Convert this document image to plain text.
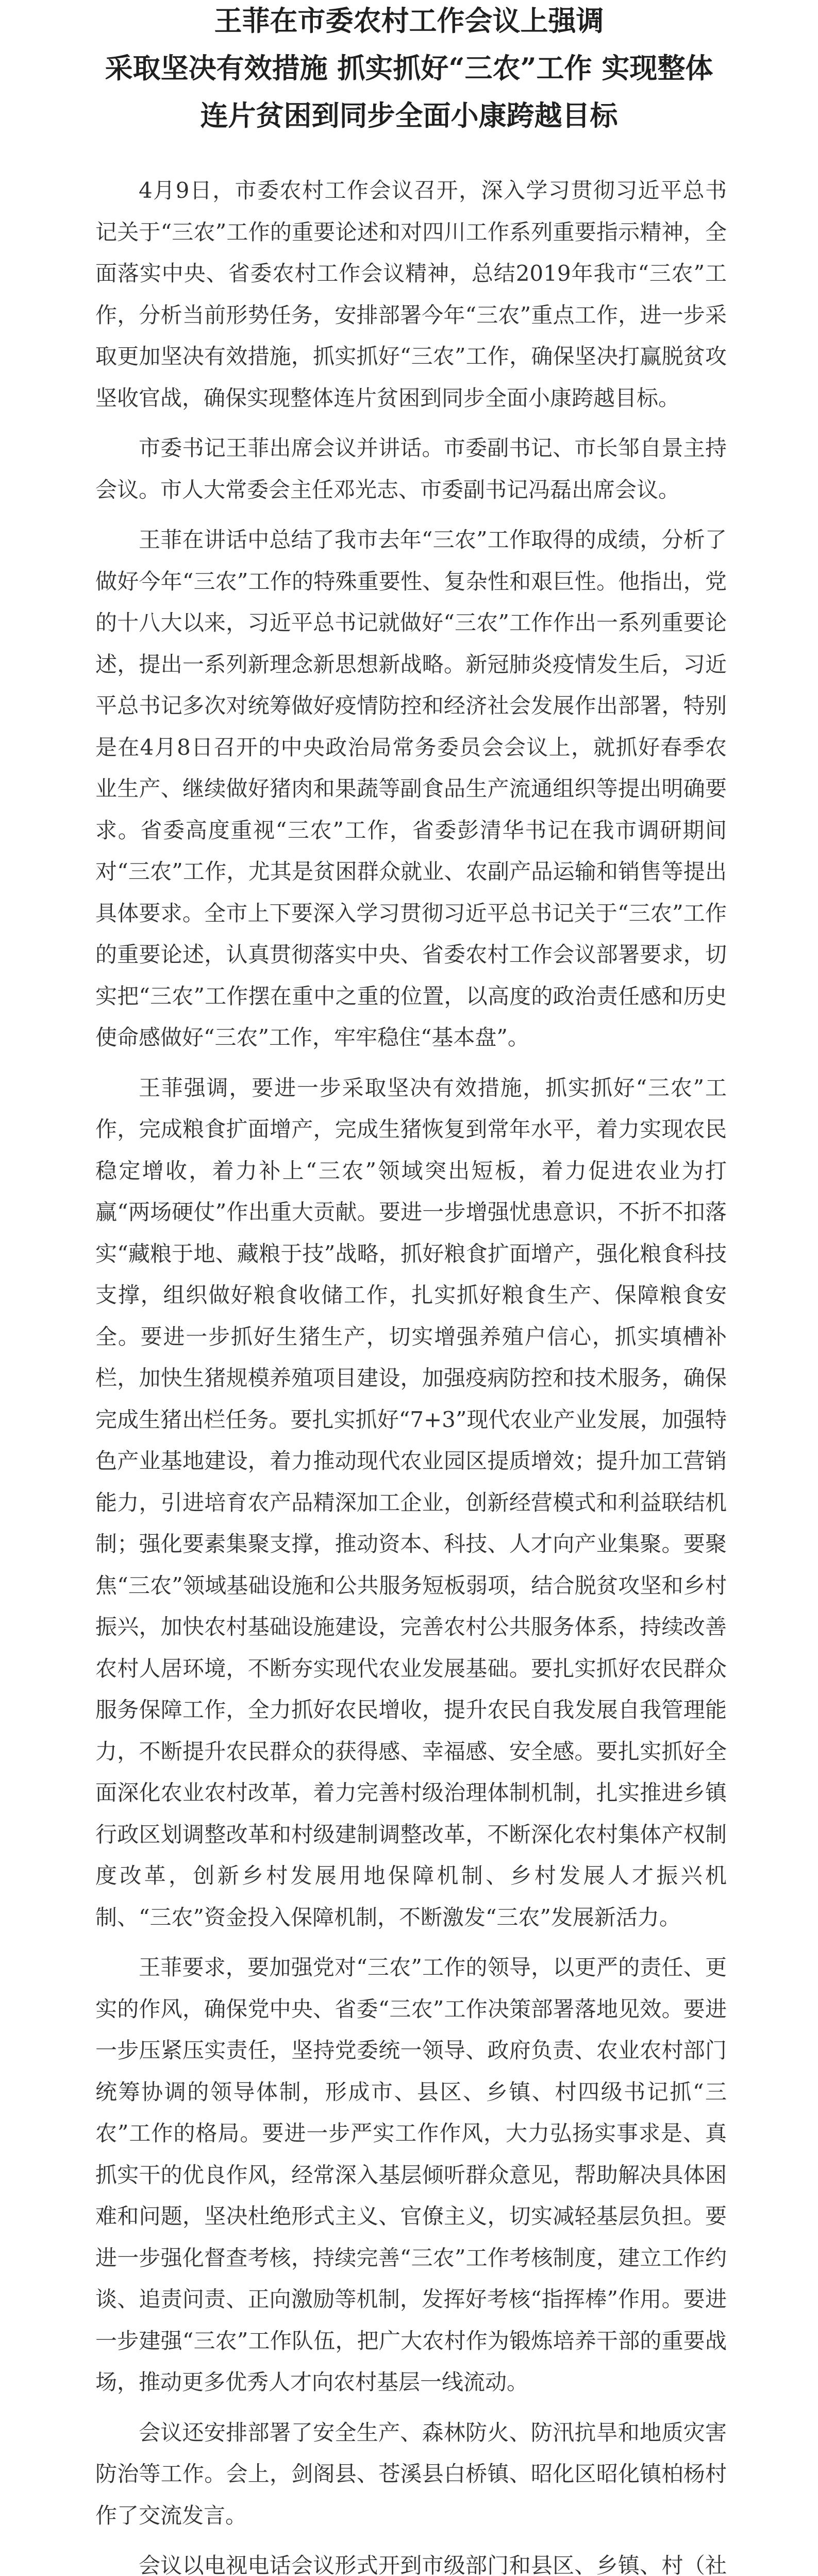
王菲在市委农村工作会议上强调
采取坚决有效措施 抓实抓好“三农”工作 实现整体
连片贫困到同步全面小康跨越目标

4月9日，市委农村工作会议召开，深入学习贯彻习近平总书记关于“三农”工作的重要论述和对四川工作系列重要指示精神，全面落实中央、省委农村工作会议精神，总结2019年我市“三农”工作，分析当前形势任务，安排部署今年“三农”重点工作，进一步采取更加坚决有效措施，抓实抓好“三农”工作，确保坚决打赢脱贫攻坚收官战，确保实现整体连片贫困到同步全面小康跨越目标。

市委书记王菲出席会议并讲话。市委副书记、市长邹自景主持会议。市人大常委会主任邓光志、市委副书记冯磊出席会议。

王菲在讲话中总结了我市去年“三农”工作取得的成绩，分析了做好今年“三农”工作的特殊重要性、复杂性和艰巨性。他指出，党的十八大以来，习近平总书记就做好“三农”工作作出一系列重要论述，提出一系列新理念新思想新战略。新冠肺炎疫情发生后，习近平总书记多次对统筹做好疫情防控和经济社会发展作出部署，特别是在4月8日召开的中央政治局常务委员会会议上，就抓好春季农业生产、继续做好猪肉和果蔬等副食品生产流通组织等提出明确要求。省委高度重视“三农”工作，省委彭清华书记在我市调研期间对“三农”工作，尤其是贫困群众就业、农副产品运输和销售等提出具体要求。全市上下要深入学习贯彻习近平总书记关于“三农”工作的重要论述，认真贯彻落实中央、省委农村工作会议部署要求，切实把“三农”工作摆在重中之重的位置，以高度的政治责任感和历史使命感做好“三农”工作，牢牢稳住“基本盘”。

王菲强调，要进一步采取坚决有效措施，抓实抓好“三农”工作，完成粮食扩面增产，完成生猪恢复到常年水平，着力实现农民稳定增收，着力补上“三农”领域突出短板，着力促进农业为打赢“两场硬仗”作出重大贡献。要进一步增强忧患意识，不折不扣落实“藏粮于地、藏粮于技”战略，抓好粮食扩面增产，强化粮食科技支撑，组织做好粮食收储工作，扎实抓好粮食生产、保障粮食安全。要进一步抓好生猪生产，切实增强养殖户信心，抓实填槽补栏，加快生猪规模养殖项目建设，加强疫病防控和技术服务，确保完成生猪出栏任务。要扎实抓好“7+3”现代农业产业发展，加强特色产业基地建设，着力推动现代农业园区提质增效；提升加工营销能力，引进培育农产品精深加工企业，创新经营模式和利益联结机制；强化要素集聚支撑，推动资本、科技、人才向产业集聚。要聚焦“三农”领域基础设施和公共服务短板弱项，结合脱贫攻坚和乡村振兴，加快农村基础设施建设，完善农村公共服务体系，持续改善农村人居环境，不断夯实现代农业发展基础。要扎实抓好农民群众服务保障工作，全力抓好农民增收，提升农民自我发展自我管理能力，不断提升农民群众的获得感、幸福感、安全感。要扎实抓好全面深化农业农村改革，着力完善村级治理体制机制，扎实推进乡镇行政区划调整改革和村级建制调整改革，不断深化农村集体产权制度改革，创新乡村发展用地保障机制、乡村发展人才振兴机制、“三农”资金投入保障机制，不断激发“三农”发展新活力。

王菲要求，要加强党对“三农”工作的领导，以更严的责任、更实的作风，确保党中央、省委“三农”工作决策部署落地见效。要进一步压紧压实责任，坚持党委统一领导、政府负责、农业农村部门统筹协调的领导体制，形成市、县区、乡镇、村四级书记抓“三农”工作的格局。要进一步严实工作作风，大力弘扬实事求是、真抓实干的优良作风，经常深入基层倾听群众意见，帮助解决具体困难和问题，坚决杜绝形式主义、官僚主义，切实减轻基层负担。要进一步强化督查考核，持续完善“三农”工作考核制度，建立工作约谈、追责问责、正向激励等机制，发挥好考核“指挥棒”作用。要进一步建强“三农”工作队伍，把广大农村作为锻炼培养干部的重要战场，推动更多优秀人才向农村基层一线流动。

会议还安排部署了安全生产、森林防火、防汛抗旱和地质灾害防治等工作。会上，剑阁县、苍溪县白桥镇、昭化区昭化镇柏杨村作了交流发言。

会议以电视电话会议形式开到市级部门和县区、乡镇、村（社
